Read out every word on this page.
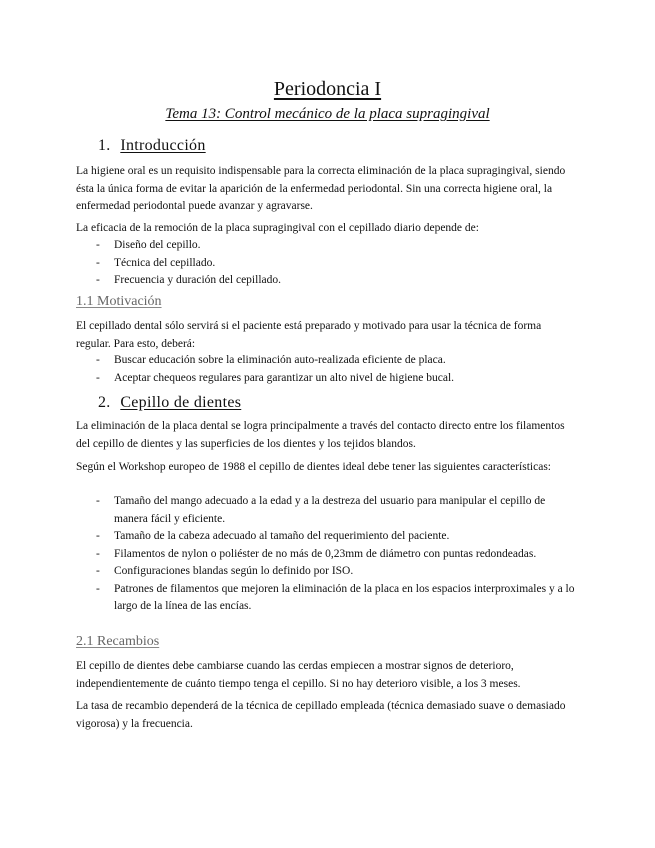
Periodoncia I
Tema 13: Control mecánico de la placa supragingival
1. Introducción

La higiene oral es un requisito indispensable para la correcta eliminación de la placa supragingival, siendo ésta la única forma de evitar la aparición de la enfermedad periodontal. Sin una correcta higiene oral, la enfermedad periodontal puede avanzar y agravarse.

La eficacia de la remoción de la placa supragingival con el cepillado diario depende de:

- Diseño del cepillo.
- Técnica del cepillado.
- Frecuencia y duración del cepillado.
1.1 Motivación

El cepillado dental sólo servirá si el paciente está preparado y motivado para usar la técnica de forma regular. Para esto, deberá:

- Buscar educación sobre la eliminación auto-realizada eficiente de placa.
- Aceptar chequeos regulares para garantizar un alto nivel de higiene bucal.
2. Cepillo de dientes

La eliminación de la placa dental se logra principalmente a través del contacto directo entre los filamentos del cepillo de dientes y las superficies de los dientes y los tejidos blandos.

Según el Workshop europeo de 1988 el cepillo de dientes ideal debe tener las siguientes características:

- Tamaño del mango adecuado a la edad y a la destreza del usuario para manipular el cepillo de manera fácil y eficiente.
- Tamaño de la cabeza adecuado al tamaño del requerimiento del paciente.
- Filamentos de nylon o poliéster de no más de 0,23mm de diámetro con puntas redondeadas.
- Configuraciones blandas según lo definido por ISO.
- Patrones de filamentos que mejoren la eliminación de la placa en los espacios interproximales y a lo largo de la línea de las encías.
2.1 Recambios

El cepillo de dientes debe cambiarse cuando las cerdas empiecen a mostrar signos de deterioro, independientemente de cuánto tiempo tenga el cepillo. Si no hay deterioro visible, a los 3 meses.

La tasa de recambio dependerá de la técnica de cepillado empleada (técnica demasiado suave o demasiado vigorosa) y la frecuencia.
